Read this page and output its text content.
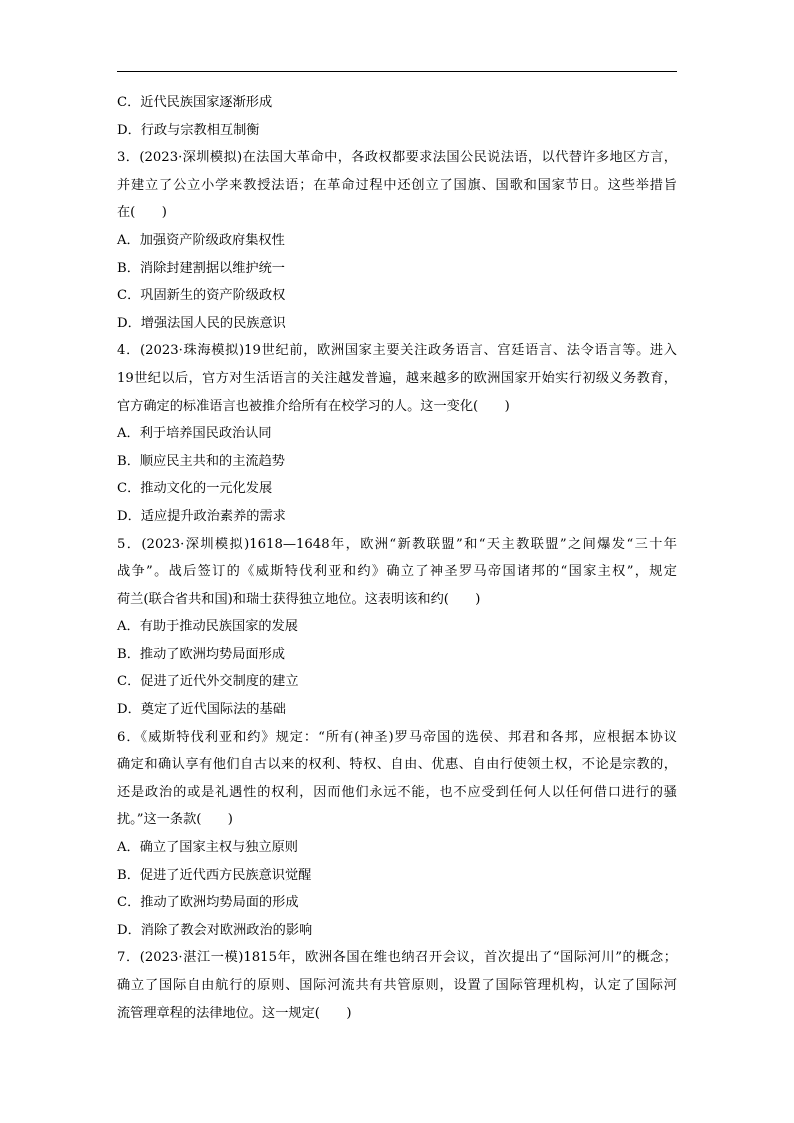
C．近代民族国家逐渐形成
D．行政与宗教相互制衡
3．(2023·深圳模拟)在法国大革命中，各政权都要求法国公民说法语，以代替许多地区方言，
并建立了公立小学来教授法语；在革命过程中还创立了国旗、国歌和国家节日。这些举措旨
在(　　)
A．加强资产阶级政府集权性
B．消除封建割据以维护统一
C．巩固新生的资产阶级政权
D．增强法国人民的民族意识
4．(2023·珠海模拟)19世纪前，欧洲国家主要关注政务语言、宫廷语言、法令语言等。进入
19世纪以后，官方对生活语言的关注越发普遍，越来越多的欧洲国家开始实行初级义务教育，
官方确定的标准语言也被推介给所有在校学习的人。这一变化(　　)
A．利于培养国民政治认同
B．顺应民主共和的主流趋势
C．推动文化的一元化发展
D．适应提升政治素养的需求
5．(2023·深圳模拟)1618—1648年，欧洲“新教联盟”和“天主教联盟”之间爆发“三十年
战争”。战后签订的《威斯特伐利亚和约》确立了神圣罗马帝国诸邦的“国家主权”，规定
荷兰(联合省共和国)和瑞士获得独立地位。这表明该和约(　　)
A．有助于推动民族国家的发展
B．推动了欧洲均势局面形成
C．促进了近代外交制度的建立
D．奠定了近代国际法的基础
6．《威斯特伐利亚和约》规定：“所有(神圣)罗马帝国的选侯、邦君和各邦，应根据本协议
确定和确认享有他们自古以来的权利、特权、自由、优惠、自由行使领土权，不论是宗教的，
还是政治的或是礼遇性的权利，因而他们永远不能，也不应受到任何人以任何借口进行的骚
扰。”这一条款(　　)
A．确立了国家主权与独立原则
B．促进了近代西方民族意识觉醒
C．推动了欧洲均势局面的形成
D．消除了教会对欧洲政治的影响
7．(2023·湛江一模)1815年，欧洲各国在维也纳召开会议，首次提出了“国际河川”的概念；
确立了国际自由航行的原则、国际河流共有共管原则，设置了国际管理机构，认定了国际河
流管理章程的法律地位。这一规定(　　)
